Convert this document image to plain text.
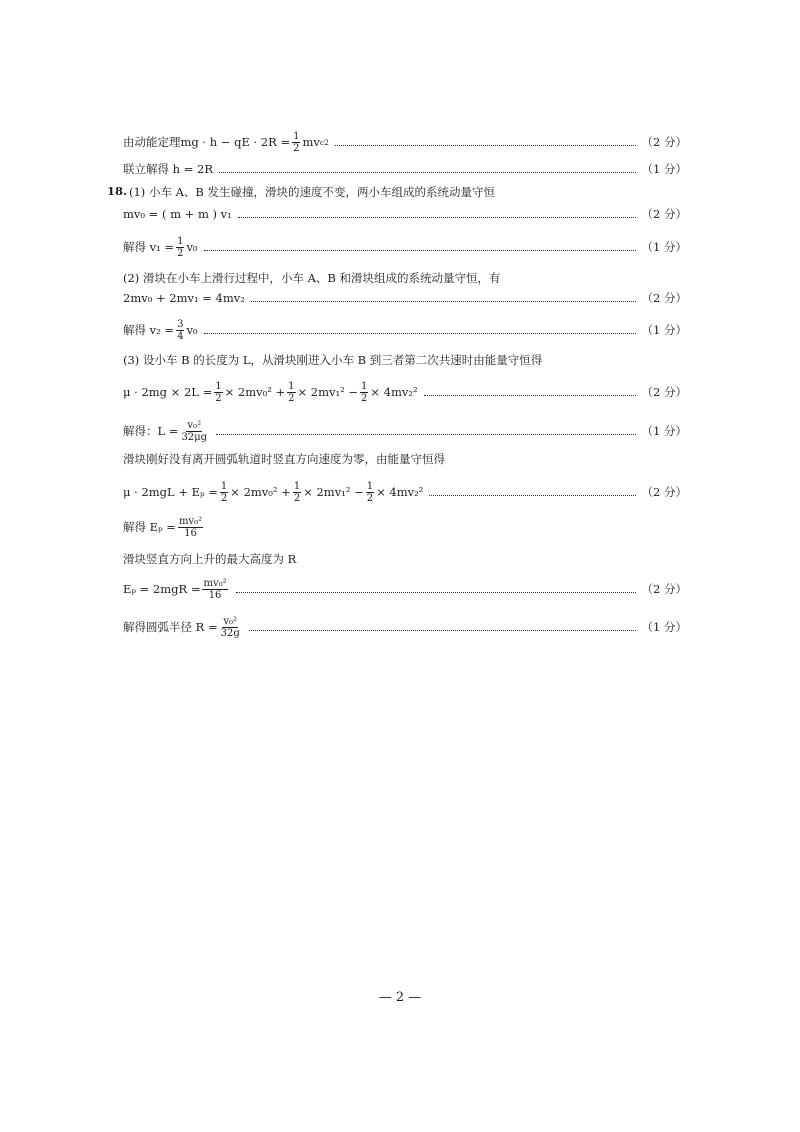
由动能定理 mg · h − qE · $2R = \frac{1}{2}$ mv c 2	（2 分）
联立解得 h = 2R	（1 分）
18. (1) 小车 A、B 发生碰撞，滑块的速度不变，两小车组成的系统动量守恒
mv₀ = ( m + m ) v₁	（2 分）
解得 $v_1 = \frac{1}{2} v_0$	（1 分）
(2) 滑块在小车上滑行过程中，小车 A、B 和滑块组成的系统动量守恒，有
2mv₀ + 2mv₁ = 4mv₂	（2 分）
解得 $v_2 = \frac{3}{4} v_0$	（1 分）
(3) 设小车 B 的长度为 L，从滑块刚进入小车 B 到三者第二次共速时由能量守恒得
$\mu \cdot 2mg \times 2L = \frac{1}{2} \times 2mv_0^2 + \frac{1}{2} \times 2mv_1^2 - \frac{1}{2} \times 4mv_2^2$	（2 分）
解得：$L = \frac{\text{v₀²}}{32\mu g}$	（1 分）
滑块刚好没有离开圆弧轨道时竖直方向速度为零，由能量守恒得
$\mu \cdot 2mgL + E_p = \frac{1}{2} \times 2mv_0^2 + \frac{1}{2} \times 2mv_1^2 - \frac{1}{2} \times 4mv_2^2$	（2 分）
解得 $E_p = \frac{\text{mv₀²}}{16}$
滑块竖直方向上升的最大高度为 R
$E_p = 2mgR = \frac{\text{mv₀²}}{16}$	（2 分）
解得圆弧半径 $R = \frac{\text{v₀²}}{32g}$	（1 分）
— 2 —
